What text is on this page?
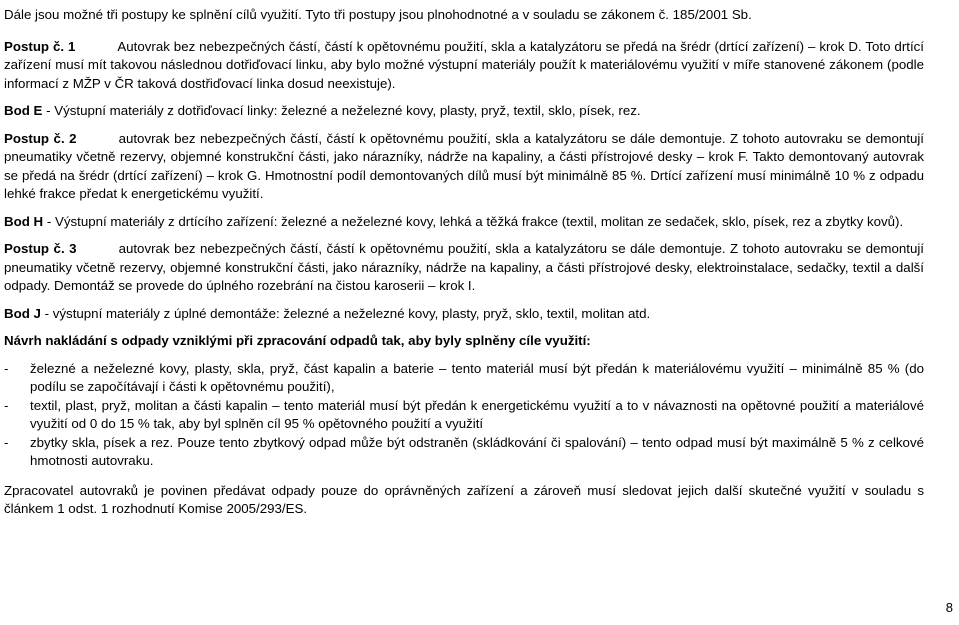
Dále jsou možné tři postupy ke splnění cílů využití. Tyto tři postupy jsou plnohodnotné a v souladu se zákonem č. 185/2001 Sb.

Postup č. 1	Autovrak bez nebezpečných částí, částí k opětovnému použití, skla a katalyzátoru se předá na šrédr (drtící zařízení) – krok D. Toto drtící zařízení musí mít takovou následnou dotřiďovací linku, aby bylo možné výstupní materiály použít k materiálovému využití v míře stanovené zákonem (podle informací z MŽP v ČR taková dostřiďovací linka dosud neexistuje).

Bod E - Výstupní materiály z dotřiďovací linky: železné a neželezné kovy, plasty, pryž, textil, sklo, písek, rez.

Postup č. 2	autovrak bez nebezpečných částí, částí k opětovnému použití, skla a katalyzátoru se dále demontuje. Z tohoto autovraku se demontují pneumatiky včetně rezervy, objemné konstrukční části, jako nárazníky, nádrže na kapaliny, a části přístrojové desky – krok F. Takto demontovaný autovrak se předá na šrédr (drtící zařízení) – krok G. Hmotnostní podíl demontovaných dílů musí být minimálně 85 %. Drtící zařízení musí minimálně 10 % z odpadu lehké frakce předat k energetickému využití.

Bod H - Výstupní materiály z drtícího zařízení: železné a neželezné kovy, lehká a těžká frakce (textil, molitan ze sedaček, sklo, písek, rez a zbytky kovů).

Postup č. 3	autovrak bez nebezpečných částí, částí k opětovnému použití, skla a katalyzátoru se dále demontuje. Z tohoto autovraku se demontují pneumatiky včetně rezervy, objemné konstrukční části, jako nárazníky, nádrže na kapaliny, a části přístrojové desky, elektroinstalace, sedačky, textil a další odpady. Demontáž se provede do úplného rozebrání na čistou karoserii – krok I.

Bod J - výstupní materiály z úplné demontáže: železné a neželezné kovy, plasty, pryž, sklo, textil, molitan atd.

Návrh nakládání s odpady vzniklými při zpracování odpadů tak, aby byly splněny cíle využití:

- železné a neželezné kovy, plasty, skla, pryž, část kapalin a baterie – tento materiál musí být předán k materiálovému využití – minimálně 85 % (do podílu se započítávají i části k opětovnému použití),
- textil, plast, pryž, molitan a části kapalin – tento materiál musí být předán k energetickému využití a to v návaznosti na opětovné použití a materiálové využití od 0 do 15 % tak, aby byl splněn cíl 95 % opětovného použití a využití
- zbytky skla, písek a rez. Pouze tento zbytkový odpad může být odstraněn (skládkování či spalování) – tento odpad musí být maximálně 5 % z celkové hmotnosti autovraku.

Zpracovatel autovraků je povinen předávat odpady pouze do oprávněných zařízení a zároveň musí sledovat jejich další skutečné využití v souladu s článkem 1 odst. 1 rozhodnutí Komise 2005/293/ES.

8
